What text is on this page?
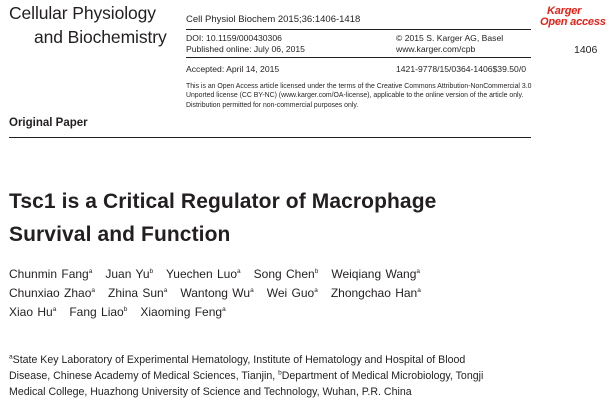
Cellular Physiology
and Biochemistry
Cell Physiol Biochem 2015;36:1406-1418
DOI: 10.1159/000430306
Published online: July 06, 2015
© 2015 S. Karger AG, Basel
www.karger.com/cpb
Accepted: April 14, 2015	1421-9778/15/0364-1406$39.50/0
This is an Open Access article licensed under the terms of the Creative Commons Attribution-NonCommercial 3.0 Unported license (CC BY-NC) (www.karger.com/OA-license), applicable to the online version of the article only. Distribution permitted for non-commercial purposes only.
Karger
Open access
1406
Original Paper
Tsc1 is a Critical Regulator of Macrophage
Survival and Function
Chunmin Fang$^a$ Juan Yu$^b$ Yuechen Luo$^a$ Song Chen$^b$ Weiqiang Wang$^a$
Chunxiao Zhao$^a$ Zhina Sun$^a$ Wantong Wu$^a$ Wei Guo$^a$ Zhongchao Han$^a$
Xiao Hu$^a$ Fang Liao$^b$ Xiaoming Feng$^a$
$^a$State Key Laboratory of Experimental Hematology, Institute of Hematology and Hospital of Blood
Disease, Chinese Academy of Medical Sciences, Tianjin, $^b$Department of Medical Microbiology, Tongji
Medical College, Huazhong University of Science and Technology, Wuhan, P.R. China
